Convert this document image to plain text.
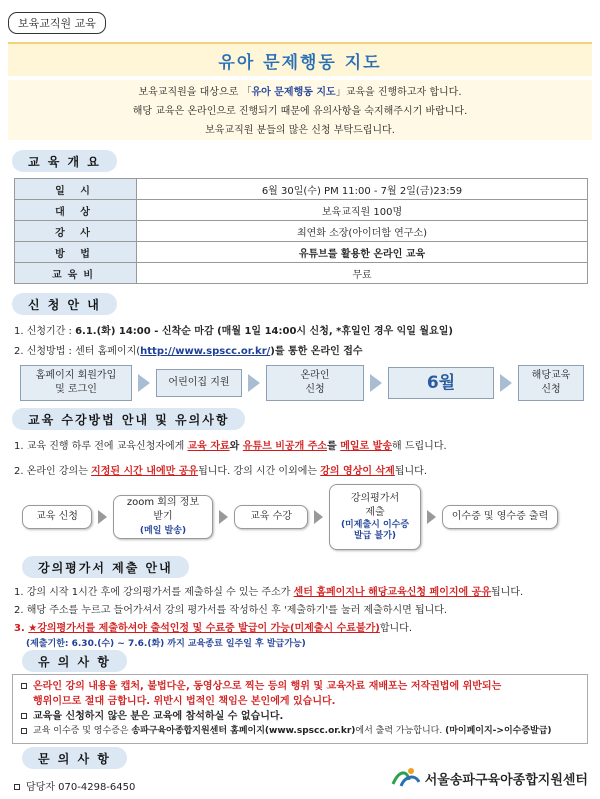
보육교직원 교육
유아 문제행동 지도
보육교직원을 대상으로 「유아 문제행동 지도」교육을 진행하고자 합니다.
해당 교육은 온라인으로 진행되기 때문에 유의사항을 숙지해주시기 바랍니다.
보육교직원 분들의 많은 신청 부탁드립니다.
교 육 개 요
일 시	6월 30일(수) PM 11:00 - 7월 2일(금)23:59
대 상	보육교직원 100명
강 사	최연화 소장(아이더함 연구소)
방 법	유튜브를 활용한 온라인 교육
교육비	무료
신 청 안 내
1. 신청기간 : 6.1.(화) 14:00 - 신착순 마감 (매월 1일 14:00시 신청, *휴일인 경우 익일 월요일)
2. 신청방법 : 센터 홈페이지(http://www.spscc.or.kr/)를 통한 온라인 접수
홈페이지 회원가입
및 로그인
어린이집 지원
온라인
신청	6월	해당교육
신청
교육 수강방법 안내 및 유의사항
1. 교육 진행 하루 전에 교육신청자에게 교육 자료와 유튜브 비공개 주소를 메일로 발송해 드립니다.
2. 온라인 강의는 지정된 시간 내에만 공유됩니다. 강의 시간 이외에는 강의 영상이 삭제됩니다.
교육 신청
zoom 회의 정보
받기
(메일 발송)
교육 수강
강의평가서
제출
(미제출시 이수증
발급 불가)
이수증 및 영수증 출력
강의평가서 제출 안내
1. 강의 시작 1시간 후에 강의평가서를 제출하실 수 있는 주소가 센터 홈페이지나 해당교육신청 페이지에 공유됩니다.
2. 해당 주소를 누르고 들어가셔서 강의 평가서를 작성하신 후 '제출하기'를 눌러 제출하시면 됩니다.
3. ★강의평가서를 제출하셔야 출석인정 및 수료증 발급이 가능(미제출시 수료불가)합니다.
(제출기한: 6.30.(수) ~ 7.6.(화) 까지 교육종료 일주일 후 발급가능)
유 의 사 항
온라인 강의 내용을 캡처, 불법다운, 동영상으로 찍는 등의 행위 및 교육자료 재배포는 저작권법에 위반되는
행위이므로 절대 금합니다. 위반시 법적인 책임은 본인에게 있습니다.
교육을 신청하지 않은 분은 교육에 참석하실 수 없습니다.
교육 이수증 및 영수증은 송파구육아종합지원센터 홈페이지(www.spscc.or.kr)에서 출력 가능합니다. (마이페이지->이수증발급)
문 의 사 항
담당자 070-4298-6450	서울송파구육아종합지원센터
